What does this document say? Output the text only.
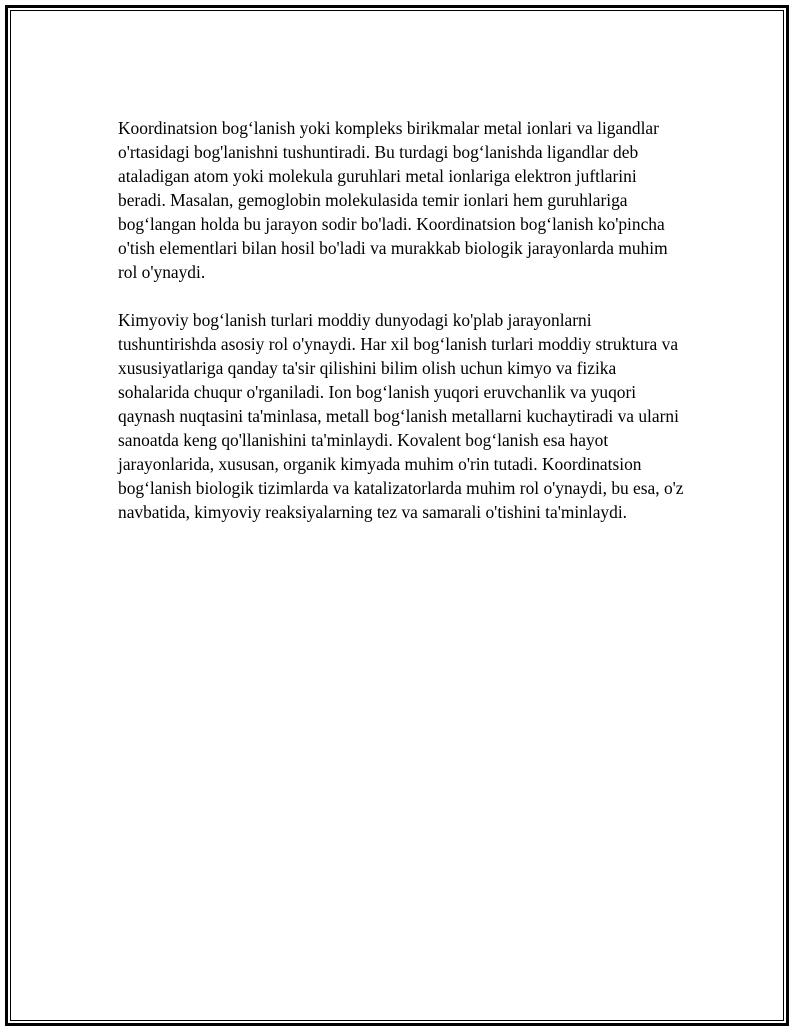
Koordinatsion bog‘lanish yoki kompleks birikmalar metal ionlari va ligandlar o'rtasidagi bog'lanishni tushuntiradi. Bu turdagi bog‘lanishda ligandlar deb ataladigan atom yoki molekula guruhlari metal ionlariga elektron juftlarini beradi. Masalan, gemoglobin molekulasida temir ionlari hem guruhlariga bog‘langan holda bu jarayon sodir bo'ladi. Koordinatsion bog‘lanish ko'pincha o'tish elementlari bilan hosil bo'ladi va murakkab biologik jarayonlarda muhim rol o'ynaydi.

Kimyoviy bog‘lanish turlari moddiy dunyodagi ko'plab jarayonlarni tushuntirishda asosiy rol o'ynaydi. Har xil bog‘lanish turlari moddiy struktura va xususiyatlariga qanday ta'sir qilishini bilim olish uchun kimyo va fizika sohalarida chuqur o'rganiladi. Ion bog‘lanish yuqori eruvchanlik va yuqori qaynash nuqtasini ta'minlasa, metall bog‘lanish metallarni kuchaytiradi va ularni sanoatda keng qo'llanishini ta'minlaydi. Kovalent bog‘lanish esa hayot jarayonlarida, xususan, organik kimyada muhim o'rin tutadi. Koordinatsion bog‘lanish biologik tizimlarda va katalizatorlarda muhim rol o'ynaydi, bu esa, o'z navbatida, kimyoviy reaksiyalarning tez va samarali o'tishini ta'minlaydi.
